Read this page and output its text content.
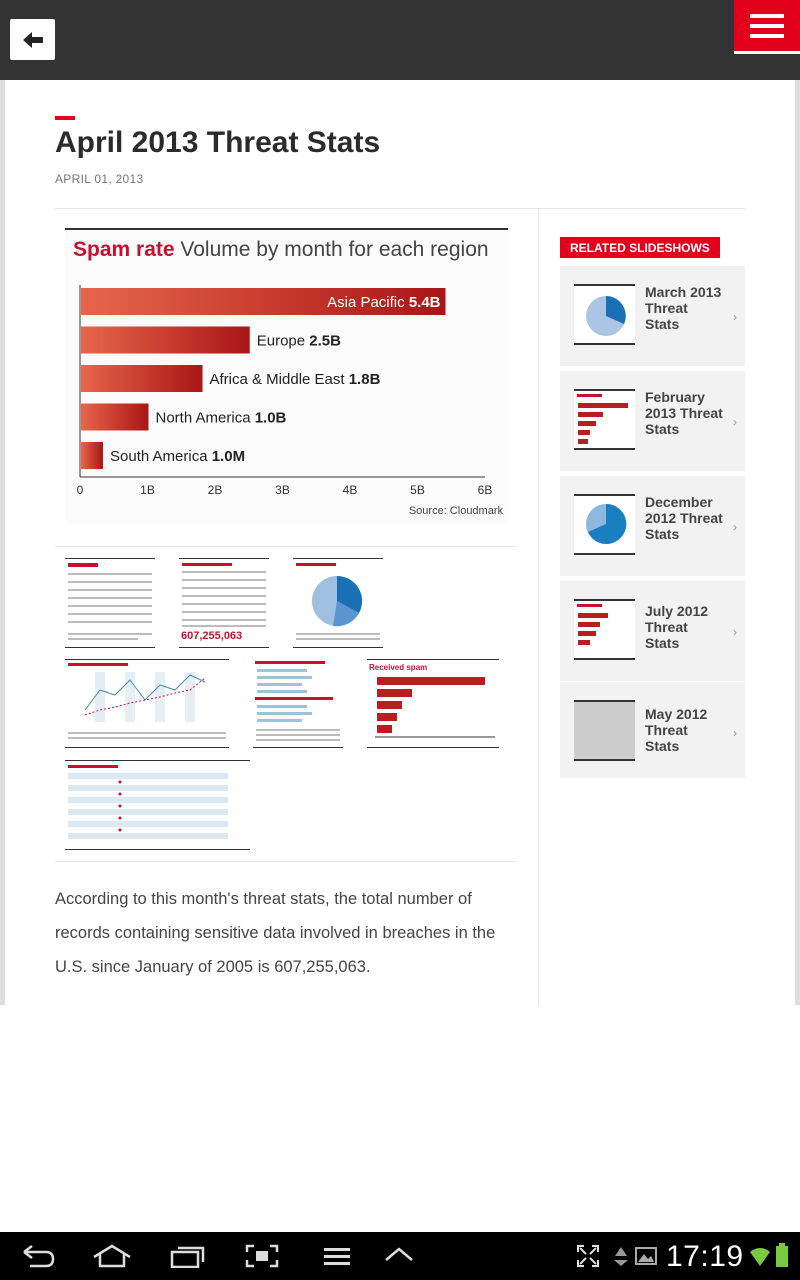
April 2013 Threat Stats
APRIL 01, 2013
Spam rate Volume by month for each region
Asia Pacific 5.4B
Europe 2.5B
Africa & Middle East 1.8B
North America 1.0B
South America 1.0M
0	1B	2B	3B	4B	5B	6B
Source: Cloudmark
607,255,063
Received spam

According to this month's threat stats, the total number of records containing sensitive data involved in breaches in the U.S. since January of 2005 is 607,255,063.

RELATED SLIDESHOWS
March 2013 Threat Stats	›
February 2013 Threat Stats	›
December 2012 Threat Stats	›
July 2012 Threat Stats
›
May 2012 Threat Stats
›
17:19
